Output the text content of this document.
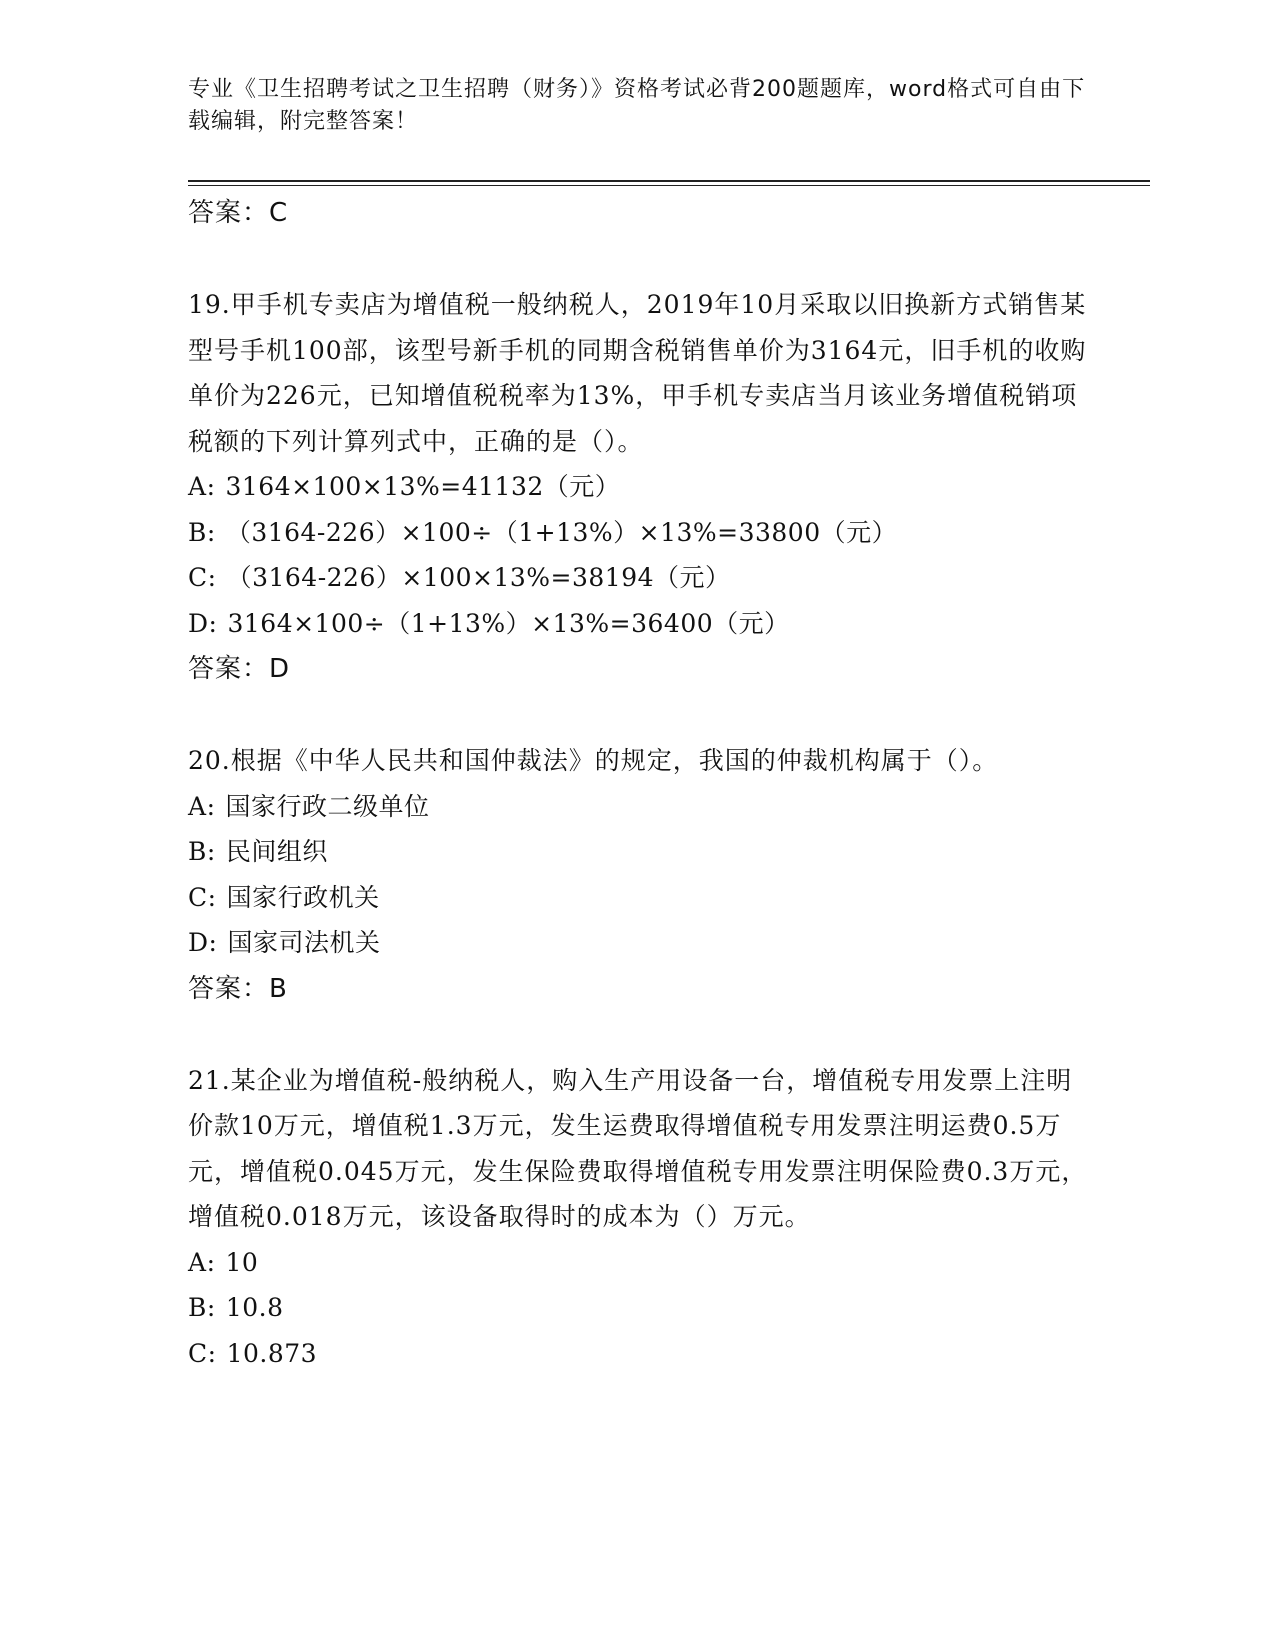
专业《卫生招聘考试之卫生招聘（财务）》资格考试必背200题题库，word格式可自由下载编辑，附完整答案！
答案：C
19.甲手机专卖店为增值税一般纳税人，2019年10月采取以旧换新方式销售某型号手机100部，该型号新手机的同期含税销售单价为3164元，旧手机的收购单价为226元，已知增值税税率为13%，甲手机专卖店当月该业务增值税销项税额的下列计算列式中，正确的是（）。
A: 3164×100×13%=41132（元）
B: （3164-226）×100÷（1+13%）×13%=33800（元）
C: （3164-226）×100×13%=38194（元）
D: 3164×100÷（1+13%）×13%=36400（元）
答案：D
20.根据《中华人民共和国仲裁法》的规定，我国的仲裁机构属于（）。
A: 国家行政二级单位
B: 民间组织
C: 国家行政机关
D: 国家司法机关
答案：B
21.某企业为增值税-般纳税人，购入生产用设备一台，增值税专用发票上注明价款10万元，增值税1.3万元，发生运费取得增值税专用发票注明运费0.5万元，增值税0.045万元，发生保险费取得增值税专用发票注明保险费0.3万元，增值税0.018万元，该设备取得时的成本为（）万元。
A: 10
B: 10.8
C: 10.873
